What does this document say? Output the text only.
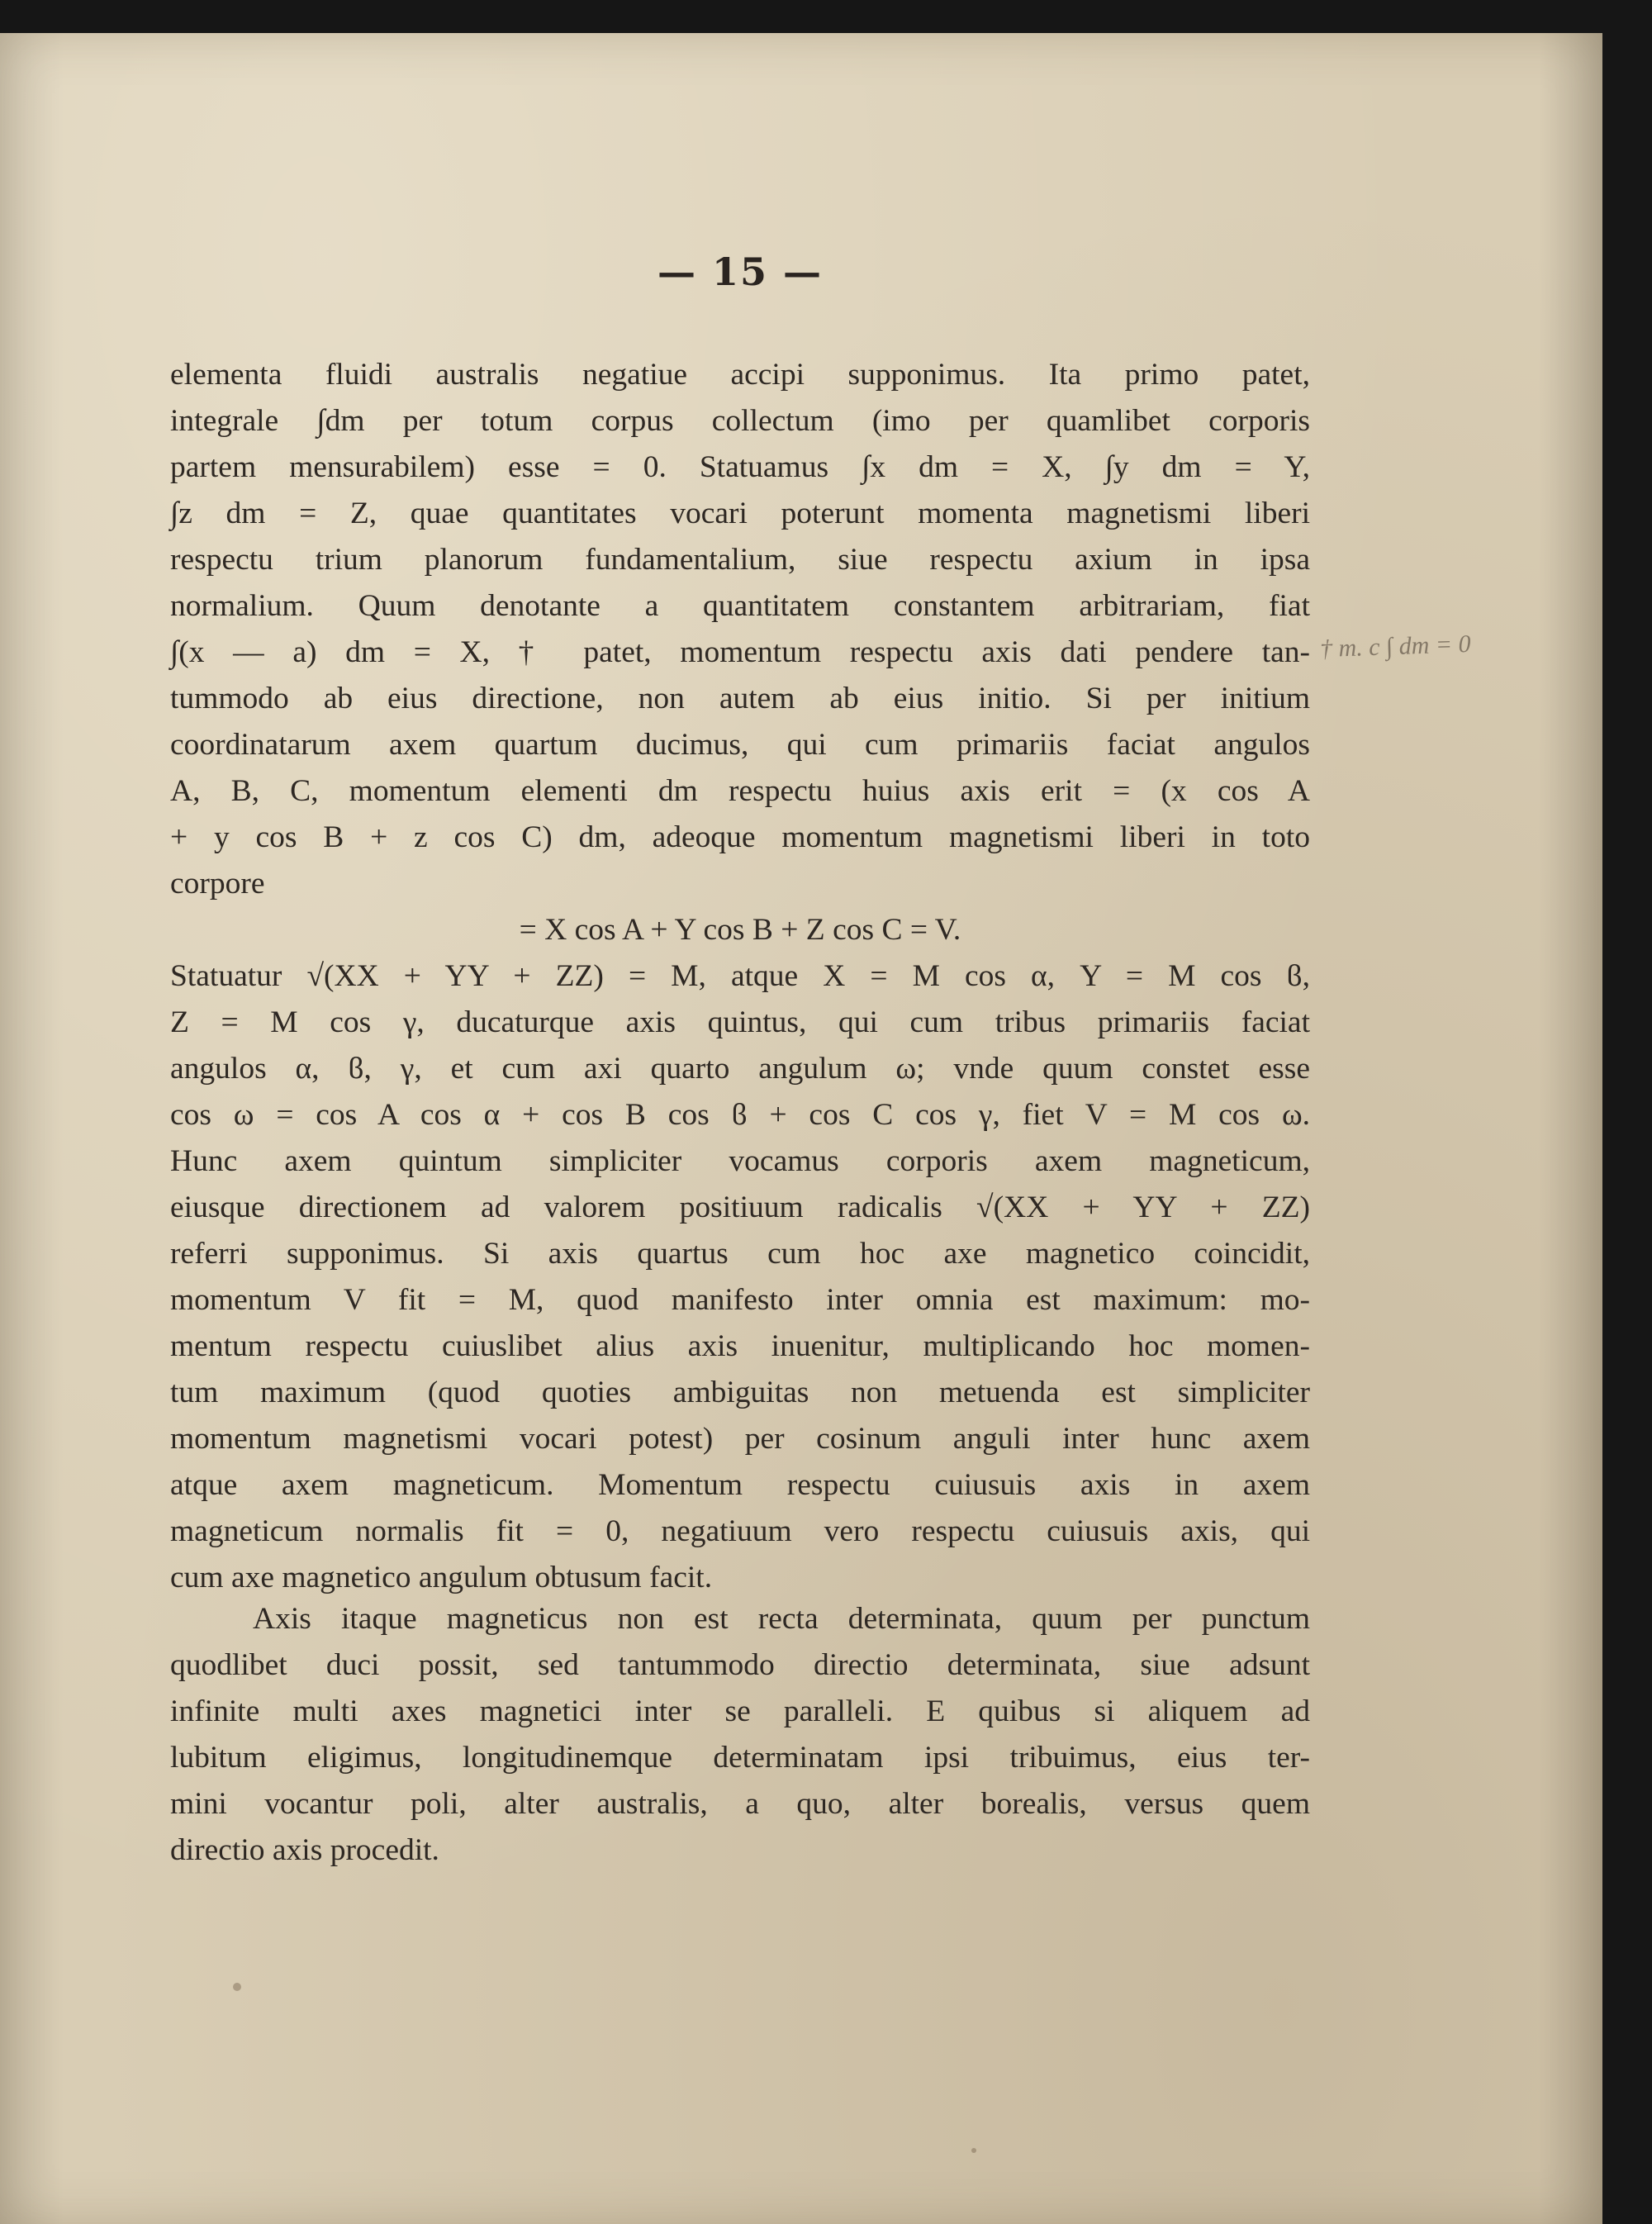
— 15 —
elementa fluidi australis negatiue accipi supponimus. Ita primo patet,
integrale ∫dm per totum corpus collectum (imo per quamlibet corporis
partem mensurabilem) esse = 0. Statuamus ∫x dm = X, ∫y dm = Y,
∫z dm = Z, quae quantitates vocari poterunt momenta magnetismi liberi
respectu trium planorum fundamentalium, siue respectu axium in ipsa
normalium. Quum denotante a quantitatem constantem arbitrariam, fiat
∫(x — a) dm = X, † patet, momentum respectu axis dati pendere tan-
tummodo ab eius directione, non autem ab eius initio. Si per initium
coordinatarum axem quartum ducimus, qui cum primariis faciat angulos
A, B, C, momentum elementi dm respectu huius axis erit = (x cos A
+ y cos B + z cos C) dm, adeoque momentum magnetismi liberi in toto
corpore
= X cos A + Y cos B + Z cos C = V.
Statuatur √(XX + YY + ZZ) = M, atque X = M cos α, Y = M cos ϐ,
Z = M cos γ, ducaturque axis quintus, qui cum tribus primariis faciat
angulos α, ϐ, γ, et cum axi quarto angulum ω; vnde quum constet esse
cos ω = cos A cos α + cos B cos ϐ + cos C cos γ, fiet V = M cos ω.
Hunc axem quintum simpliciter vocamus corporis axem magneticum,
eiusque directionem ad valorem positiuum radicalis √(XX + YY + ZZ)
referri supponimus. Si axis quartus cum hoc axe magnetico coincidit,
momentum V fit = M, quod manifesto inter omnia est maximum: mo-
mentum respectu cuiuslibet alius axis inuenitur, multiplicando hoc momen-
tum maximum (quod quoties ambiguitas non metuenda est simpliciter
momentum magnetismi vocari potest) per cosinum anguli inter hunc axem
atque axem magneticum. Momentum respectu cuiusuis axis in axem
magneticum normalis fit = 0, negatiuum vero respectu cuiusuis axis, qui
cum axe magnetico angulum obtusum facit.
Axis itaque magneticus non est recta determinata, quum per punctum
quodlibet duci possit, sed tantummodo directio determinata, siue adsunt
infinite multi axes magnetici inter se paralleli. E quibus si aliquem ad
lubitum eligimus, longitudinemque determinatam ipsi tribuimus, eius ter-
mini vocantur poli, alter australis, a quo, alter borealis, versus quem
directio axis procedit.
† m. c ∫ dm = 0
